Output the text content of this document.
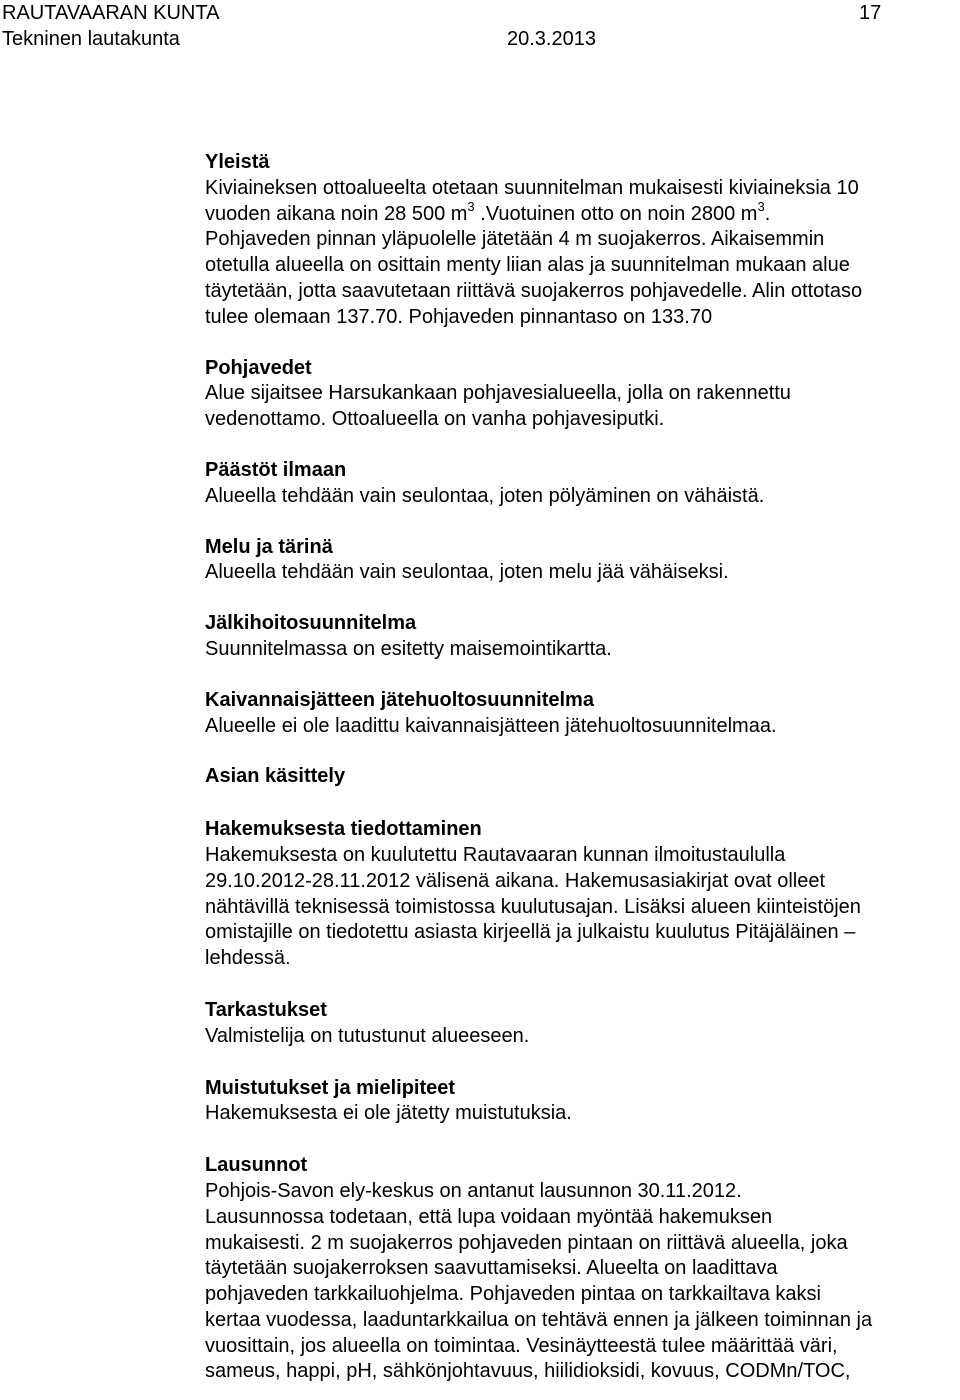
RAUTAVAARAN KUNTA	17
Tekninen lautakunta	20.3.2013

Yleistä

Kiviaineksen ottoalueelta otetaan suunnitelman mukaisesti kiviaineksia 10

vuoden aikana noin 28 500 $m^3$ .Vuotuinen otto on noin 2800 $m^3$.

Pohjaveden pinnan yläpuolelle jätetään 4 m suojakerros. Aikaisemmin

otetulla alueella on osittain menty liian alas ja suunnitelman mukaan alue

täytetään, jotta saavutetaan riittävä suojakerros pohjavedelle. Alin ottotaso

tulee olemaan 137.70. Pohjaveden pinnantaso on 133.70

Pohjavedet

Alue sijaitsee Harsukankaan pohjavesialueella, jolla on rakennettu

vedenottamo. Ottoalueella on vanha pohjavesiputki.

Päästöt ilmaan

Alueella tehdään vain seulontaa, joten pölyäminen on vähäistä.

Melu ja tärinä

Alueella tehdään vain seulontaa, joten melu jää vähäiseksi.

Jälkihoitosuunnitelma

Suunnitelmassa on esitetty maisemointikartta.

Kaivannaisjätteen jätehuoltosuunnitelma

Alueelle ei ole laadittu kaivannaisjätteen jätehuoltosuunnitelmaa.

Asian käsittely

Hakemuksesta tiedottaminen

Hakemuksesta on kuulutettu Rautavaaran kunnan ilmoitustaululla

29.10.2012-28.11.2012 välisenä aikana. Hakemusasiakirjat ovat olleet

nähtävillä teknisessä toimistossa kuulutusajan. Lisäksi alueen kiinteistöjen

omistajille on tiedotettu asiasta kirjeellä ja julkaistu kuulutus Pitäjäläinen –

lehdessä.

Tarkastukset

Valmistelija on tutustunut alueeseen.

Muistutukset ja mielipiteet

Hakemuksesta ei ole jätetty muistutuksia.

Lausunnot

Pohjois-Savon ely-keskus on antanut lausunnon 30.11.2012.

Lausunnossa todetaan, että lupa voidaan myöntää hakemuksen

mukaisesti. 2 m suojakerros pohjaveden pintaan on riittävä alueella, joka

täytetään suojakerroksen saavuttamiseksi. Alueelta on laadittava

pohjaveden tarkkailuohjelma. Pohjaveden pintaa on tarkkailtava kaksi

kertaa vuodessa, laaduntarkkailua on tehtävä ennen ja jälkeen toiminnan ja

vuosittain, jos alueella on toimintaa. Vesinäytteestä tulee määrittää väri,

sameus, happi, pH, sähkönjohtavuus, hiilidioksidi, kovuus, CODMn/TOC,
